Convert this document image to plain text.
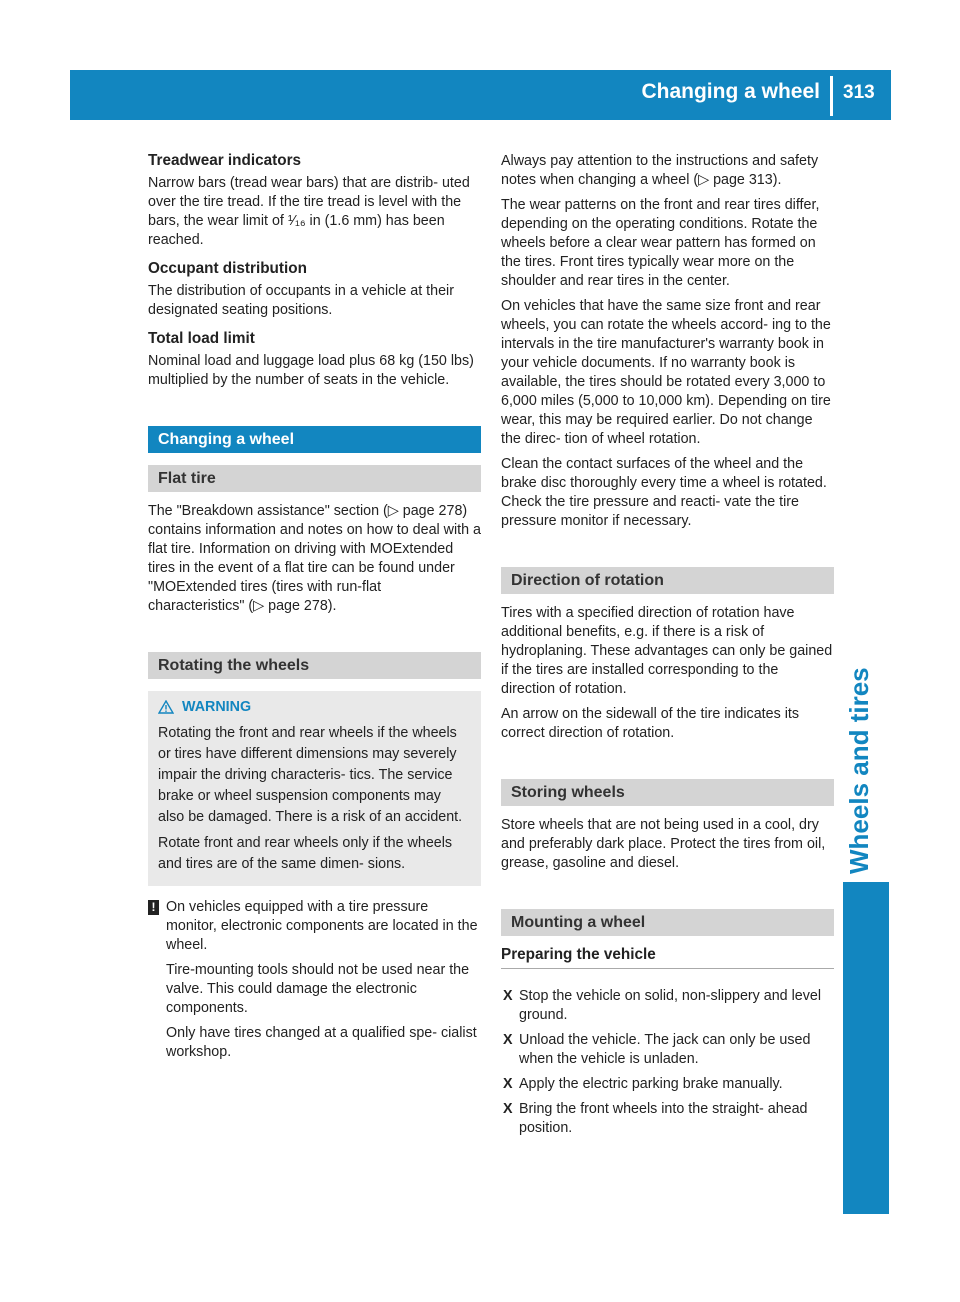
Changing a wheel 313
Wheels and tires
Treadwear indicators

Narrow bars (tread wear bars) that are distrib- uted over the tire tread. If the tire tread is level with the bars, the wear limit of ¹⁄₁₆ in (1.6 mm) has been reached.

Occupant distribution

The distribution of occupants in a vehicle at their designated seating positions.

Total load limit

Nominal load and luggage load plus 68 kg (150 lbs) multiplied by the number of seats in the vehicle.

Changing a wheel
Flat tire

The "Breakdown assistance" section (▷ page 278) contains information and notes on how to deal with a flat tire. Information on driving with MOExtended tires in the event of a flat tire can be found under "MOExtended tires (tires with run-flat characteristics" (▷ page 278).

Rotating the wheels
WARNING

Rotating the front and rear wheels if the wheels or tires have different dimensions may severely impair the driving characteris- tics. The service brake or wheel suspension components may also be damaged. There is a risk of an accident.

Rotate front and rear wheels only if the wheels and tires are of the same dimen- sions.

! On vehicles equipped with a tire pressure monitor, electronic components are located in the wheel.

Tire-mounting tools should not be used near the valve. This could damage the electronic components.

Only have tires changed at a qualified spe- cialist workshop.

Always pay attention to the instructions and safety notes when changing a wheel (▷ page 313).

The wear patterns on the front and rear tires differ, depending on the operating conditions. Rotate the wheels before a clear wear pattern has formed on the tires. Front tires typically wear more on the shoulder and rear tires in the center.

On vehicles that have the same size front and rear wheels, you can rotate the wheels accord- ing to the intervals in the tire manufacturer's warranty book in your vehicle documents. If no warranty book is available, the tires should be rotated every 3,000 to 6,000 miles (5,000 to 10,000 km). Depending on tire wear, this may be required earlier. Do not change the direc- tion of wheel rotation.

Clean the contact surfaces of the wheel and the brake disc thoroughly every time a wheel is rotated. Check the tire pressure and reacti- vate the tire pressure monitor if necessary.

Direction of rotation

Tires with a specified direction of rotation have additional benefits, e.g. if there is a risk of hydroplaning. These advantages can only be gained if the tires are installed corresponding to the direction of rotation.

An arrow on the sidewall of the tire indicates its correct direction of rotation.

Storing wheels

Store wheels that are not being used in a cool, dry and preferably dark place. Protect the tires from oil, grease, gasoline and diesel.

Mounting a wheel
Preparing the vehicle
X Stop the vehicle on solid, non-slippery and level ground.
X Unload the vehicle. The jack can only be used when the vehicle is unladen.
X Apply the electric parking brake manually.
X Bring the front wheels into the straight- ahead position.
